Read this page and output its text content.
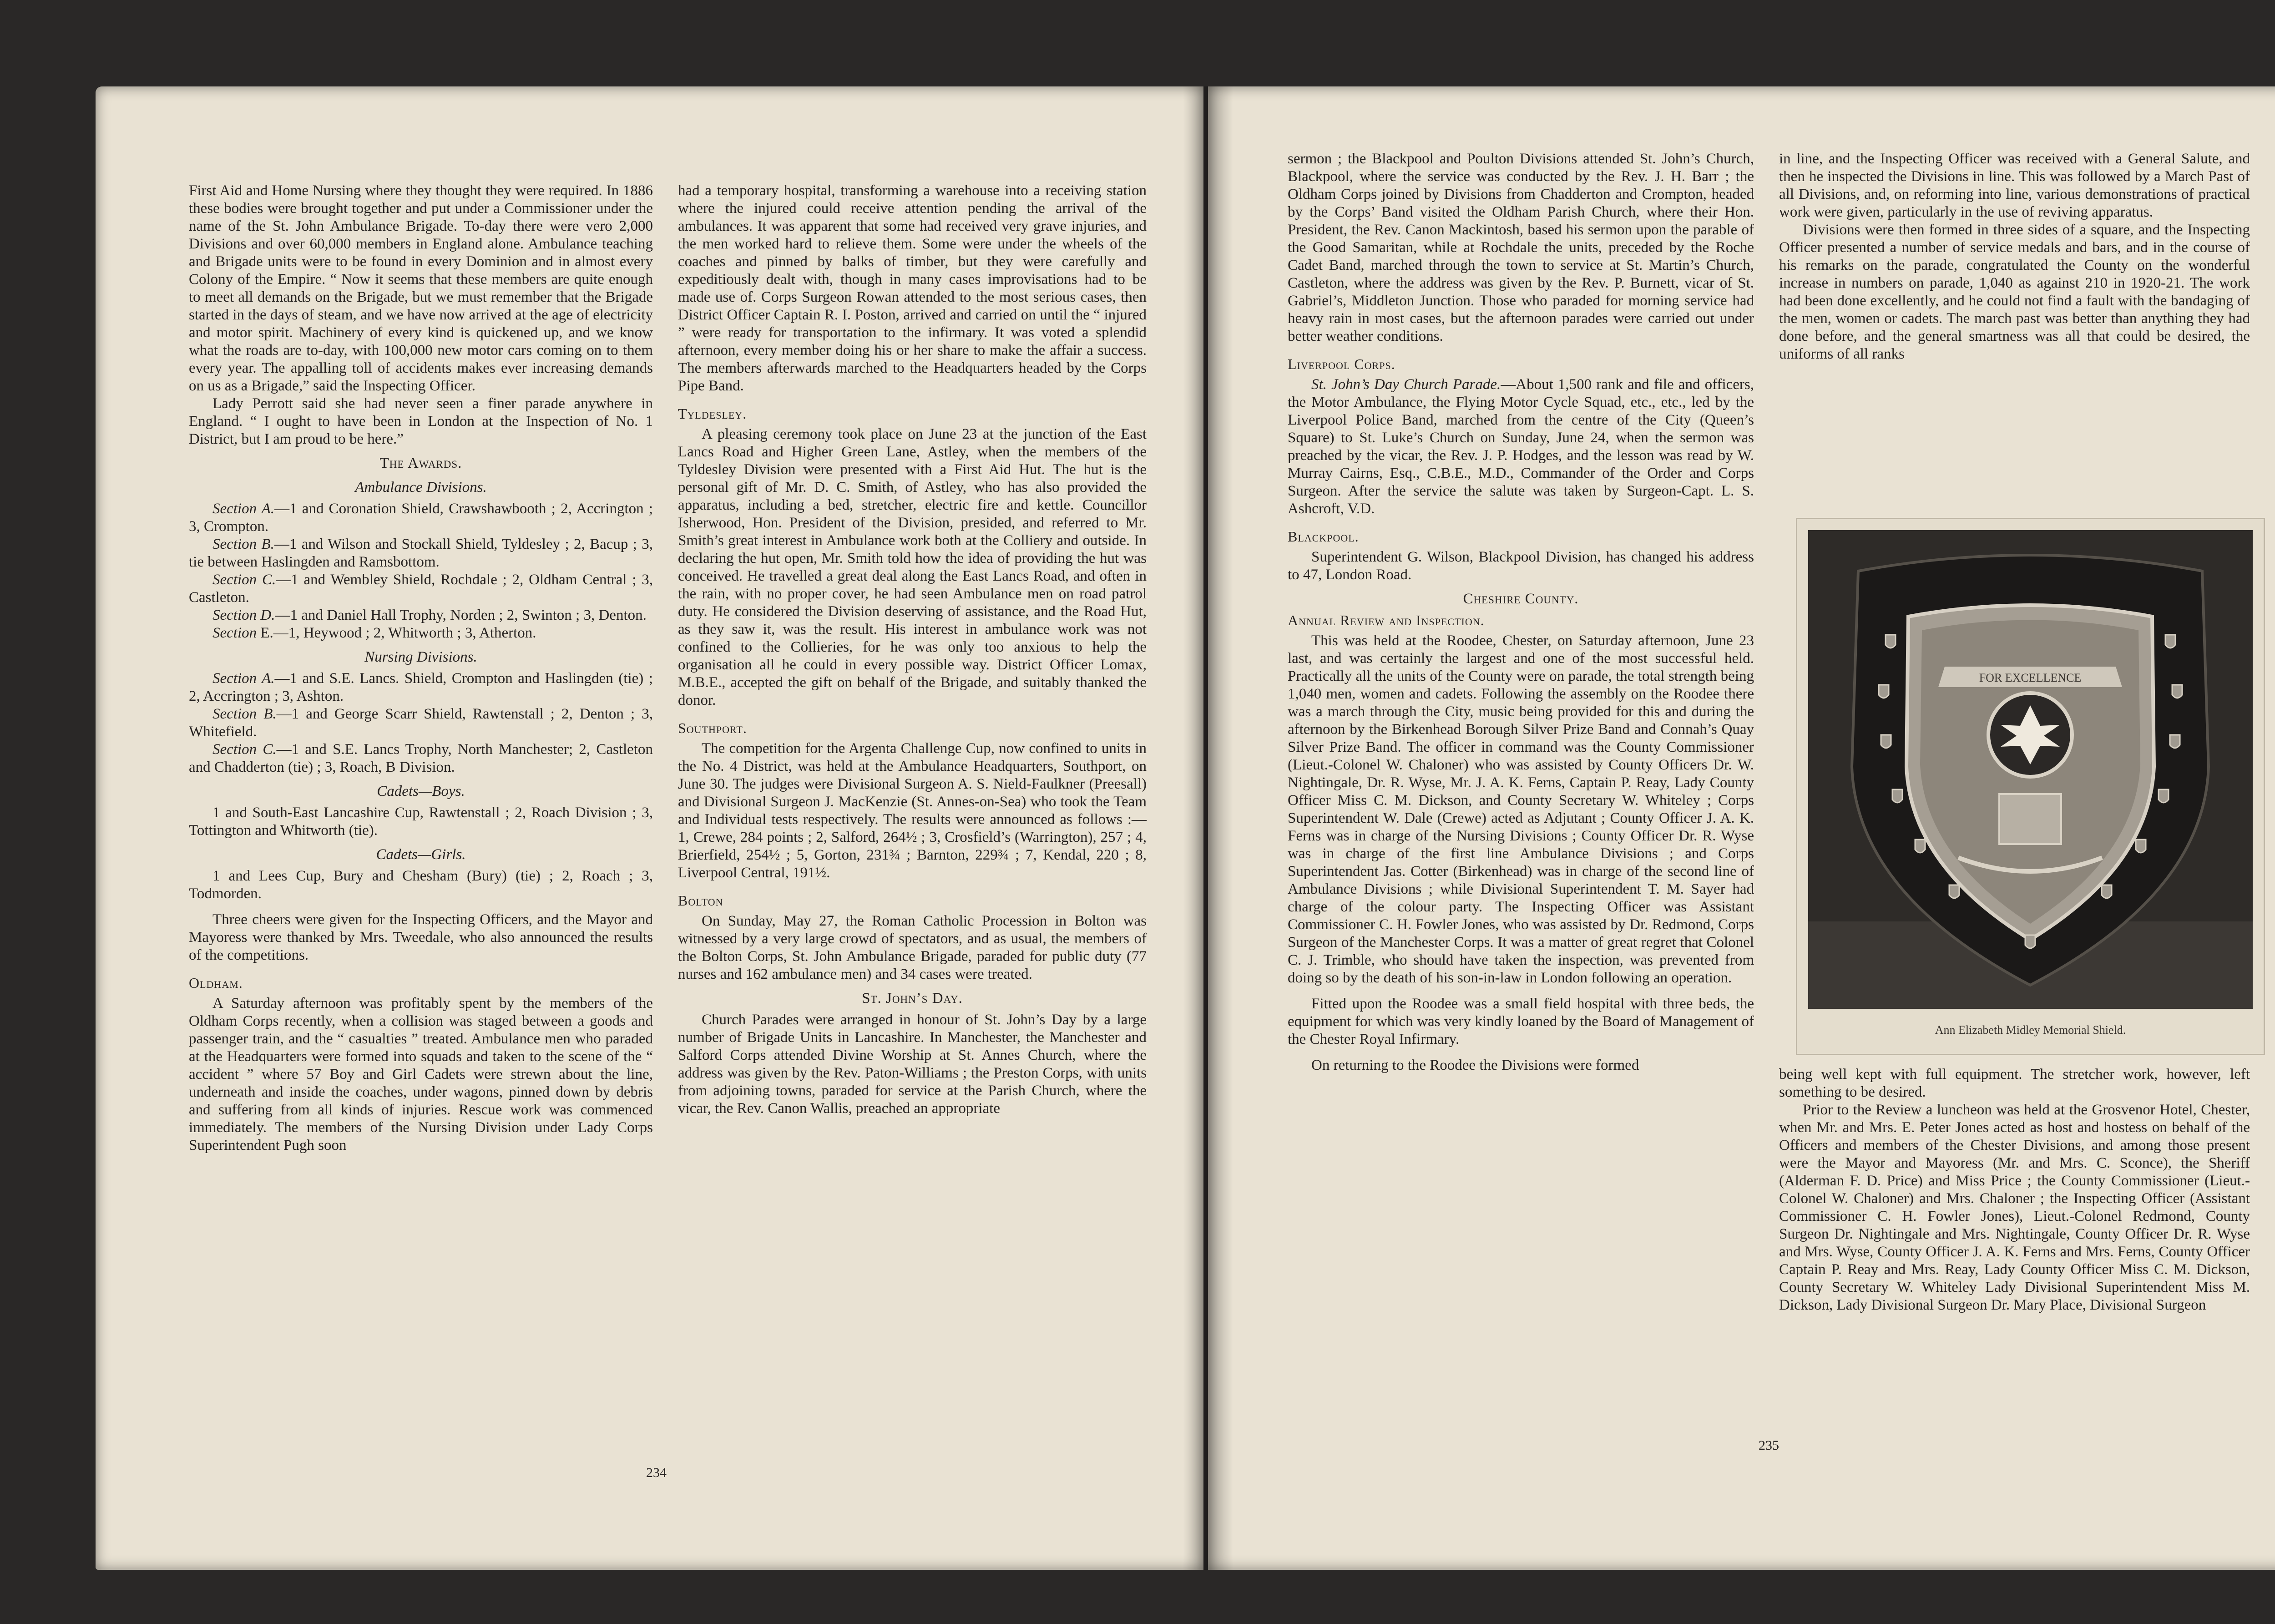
First Aid and Home Nursing where they thought they were required. In 1886 these bodies were brought together and put under a Commissioner under the name of the St. John Ambulance Brigade. To-day there were vero 2,000 Divisions and over 60,000 members in England alone. Ambulance teaching and Brigade units were to be found in every Dominion and in almost every Colony of the Empire. “ Now it seems that these members are quite enough to meet all demands on the Brigade, but we must remember that the Brigade started in the days of steam, and we have now arrived at the age of electricity and motor spirit. Machinery of every kind is quickened up, and we know what the roads are to-day, with 100,000 new motor cars coming on to them every year. The appalling toll of accidents makes ever increasing demands on us as a Brigade,” said the Inspecting Officer.

Lady Perrott said she had never seen a finer parade anywhere in England. “ I ought to have been in London at the Inspection of No. 1 District, but I am proud to be here.”

The Awards.

Ambulance Divisions.

Section A.—1 and Coronation Shield, Crawshawbooth ; 2, Accrington ; 3, Crompton.

Section B.—1 and Wilson and Stockall Shield, Tyldesley ; 2, Bacup ; 3, tie between Haslingden and Ramsbottom.

Section C.—1 and Wembley Shield, Rochdale ; 2, Oldham Central ; 3, Castleton.

Section D.—1 and Daniel Hall Trophy, Norden ; 2, Swinton ; 3, Denton.

Section E.—1, Heywood ; 2, Whitworth ; 3, Atherton.

Nursing Divisions.

Section A.—1 and S.E. Lancs. Shield, Crompton and Haslingden (tie) ; 2, Accrington ; 3, Ashton.

Section B.—1 and George Scarr Shield, Rawtenstall ; 2, Denton ; 3, Whitefield.

Section C.—1 and S.E. Lancs Trophy, North Manchester; 2, Castleton and Chadderton (tie) ; 3, Roach, B Division.

Cadets—Boys.

1 and South-East Lancashire Cup, Rawtenstall ; 2, Roach Division ; 3, Tottington and Whitworth (tie).

Cadets—Girls.

1 and Lees Cup, Bury and Chesham (Bury) (tie) ; 2, Roach ; 3, Todmorden.

Three cheers were given for the Inspecting Officers, and the Mayor and Mayoress were thanked by Mrs. Tweedale, who also announced the results of the competitions.

Oldham.

A Saturday afternoon was profitably spent by the members of the Oldham Corps recently, when a collision was staged between a goods and passenger train, and the “ casualties ” treated. Ambulance men who paraded at the Headquarters were formed into squads and taken to the scene of the “ accident ” where 57 Boy and Girl Cadets were strewn about the line, underneath and inside the coaches, under wagons, pinned down by debris and suffering from all kinds of injuries. Rescue work was commenced immediately. The members of the Nursing Division under Lady Corps Superintendent Pugh soon

had a temporary hospital, transforming a warehouse into a receiving station where the injured could receive attention pending the arrival of the ambulances. It was apparent that some had received very grave injuries, and the men worked hard to relieve them. Some were under the wheels of the coaches and pinned by balks of timber, but they were carefully and expeditiously dealt with, though in many cases improvisations had to be made use of. Corps Surgeon Rowan attended to the most serious cases, then District Officer Captain R. I. Poston, arrived and carried on until the “ injured ” were ready for transportation to the infirmary. It was voted a splendid afternoon, every member doing his or her share to make the affair a success. The members afterwards marched to the Headquarters headed by the Corps Pipe Band.

Tyldesley.

A pleasing ceremony took place on June 23 at the junction of the East Lancs Road and Higher Green Lane, Astley, when the members of the Tyldesley Division were presented with a First Aid Hut. The hut is the personal gift of Mr. D. C. Smith, of Astley, who has also provided the apparatus, including a bed, stretcher, electric fire and kettle. Councillor Isherwood, Hon. President of the Division, presided, and referred to Mr. Smith’s great interest in Ambulance work both at the Colliery and outside. In declaring the hut open, Mr. Smith told how the idea of providing the hut was conceived. He travelled a great deal along the East Lancs Road, and often in the rain, with no proper cover, he had seen Ambulance men on road patrol duty. He considered the Division deserving of assistance, and the Road Hut, as they saw it, was the result. His interest in ambulance work was not confined to the Collieries, for he was only too anxious to help the organisation all he could in every possible way. District Officer Lomax, M.B.E., accepted the gift on behalf of the Brigade, and suitably thanked the donor.

Southport.

The competition for the Argenta Challenge Cup, now confined to units in the No. 4 District, was held at the Ambulance Headquarters, Southport, on June 30. The judges were Divisional Surgeon A. S. Nield-Faulkner (Preesall) and Divisional Surgeon J. MacKenzie (St. Annes-on-Sea) who took the Team and Individual tests respectively. The results were announced as follows :— 1, Crewe, 284 points ; 2, Salford, 264½ ; 3, Crosfield’s (Warrington), 257 ; 4, Brierfield, 254½ ; 5, Gorton, 231¾ ; Barnton, 229¾ ; 7, Kendal, 220 ; 8, Liverpool Central, 191½.

Bolton

On Sunday, May 27, the Roman Catholic Procession in Bolton was witnessed by a very large crowd of spectators, and as usual, the members of the Bolton Corps, St. John Ambulance Brigade, paraded for public duty (77 nurses and 162 ambulance men) and 34 cases were treated.

St. John’s Day.

Church Parades were arranged in honour of St. John’s Day by a large number of Brigade Units in Lancashire. In Manchester, the Manchester and Salford Corps attended Divine Worship at St. Annes Church, where the address was given by the Rev. Paton-Williams ; the Preston Corps, with units from adjoining towns, paraded for service at the Parish Church, where the vicar, the Rev. Canon Wallis, preached an appropriate

234

sermon ; the Blackpool and Poulton Divisions attended St. John’s Church, Blackpool, where the service was conducted by the Rev. J. H. Barr ; the Oldham Corps joined by Divisions from Chadderton and Crompton, headed by the Corps’ Band visited the Oldham Parish Church, where their Hon. President, the Rev. Canon Mackintosh, based his sermon upon the parable of the Good Samaritan, while at Rochdale the units, preceded by the Roche Cadet Band, marched through the town to service at St. Martin’s Church, Castleton, where the address was given by the Rev. P. Burnett, vicar of St. Gabriel’s, Middleton Junction. Those who paraded for morning service had heavy rain in most cases, but the afternoon parades were carried out under better weather conditions.

Liverpool Corps.

St. John’s Day Church Parade.—About 1,500 rank and file and officers, the Motor Ambulance, the Flying Motor Cycle Squad, etc., etc., led by the Liverpool Police Band, marched from the centre of the City (Queen’s Square) to St. Luke’s Church on Sunday, June 24, when the sermon was preached by the vicar, the Rev. J. P. Hodges, and the lesson was read by W. Murray Cairns, Esq., C.B.E., M.D., Commander of the Order and Corps Surgeon. After the service the salute was taken by Surgeon-Capt. L. S. Ashcroft, V.D.

Blackpool.

Superintendent G. Wilson, Blackpool Division, has changed his address to 47, London Road.

Cheshire County.

Annual Review and Inspection.

This was held at the Roodee, Chester, on Saturday afternoon, June 23 last, and was certainly the largest and one of the most successful held. Practically all the units of the County were on parade, the total strength being 1,040 men, women and cadets. Following the assembly on the Roodee there was a march through the City, music being provided for this and during the afternoon by the Birkenhead Borough Silver Prize Band and Connah’s Quay Silver Prize Band. The officer in command was the County Commissioner (Lieut.-Colonel W. Chaloner) who was assisted by County Officers Dr. W. Nightingale, Dr. R. Wyse, Mr. J. A. K. Ferns, Captain P. Reay, Lady County Officer Miss C. M. Dickson, and County Secretary W. Whiteley ; Corps Superintendent W. Dale (Crewe) acted as Adjutant ; County Officer J. A. K. Ferns was in charge of the Nursing Divisions ; County Officer Dr. R. Wyse was in charge of the first line Ambulance Divisions ; and Corps Superintendent Jas. Cotter (Birkenhead) was in charge of the second line of Ambulance Divisions ; while Divisional Superintendent T. M. Sayer had charge of the colour party. The Inspecting Officer was Assistant Commissioner C. H. Fowler Jones, who was assisted by Dr. Redmond, Corps Surgeon of the Manchester Corps. It was a matter of great regret that Colonel C. J. Trimble, who should have taken the inspection, was prevented from doing so by the death of his son-in-law in London following an operation.

Fitted upon the Roodee was a small field hospital with three beds, the equipment for which was very kindly loaned by the Board of Management of the Chester Royal Infirmary.

On returning to the Roodee the Divisions were formed

in line, and the Inspecting Officer was received with a General Salute, and then he inspected the Divisions in line. This was followed by a March Past of all Divisions, and, on reforming into line, various demonstrations of practical work were given, particularly in the use of reviving apparatus.

Divisions were then formed in three sides of a square, and the Inspecting Officer presented a number of service medals and bars, and in the course of his remarks on the parade, congratulated the County on the wonderful increase in numbers on parade, 1,040 as against 210 in 1920-21. The work had been done excellently, and he could not find a fault with the bandaging of the men, women or cadets. The march past was better than anything they had done before, and the general smartness was all that could be desired, the uniforms of all ranks

FOR EXCELLENCE
Ann Elizabeth Midley Memorial Shield.

being well kept with full equipment. The stretcher work, however, left something to be desired.

Prior to the Review a luncheon was held at the Grosvenor Hotel, Chester, when Mr. and Mrs. E. Peter Jones acted as host and hostess on behalf of the Officers and members of the Chester Divisions, and among those present were the Mayor and Mayoress (Mr. and Mrs. C. Sconce), the Sheriff (Alderman F. D. Price) and Miss Price ; the County Commissioner (Lieut.-Colonel W. Chaloner) and Mrs. Chaloner ; the Inspecting Officer (Assistant Commissioner C. H. Fowler Jones), Lieut.-Colonel Redmond, County Surgeon Dr. Nightingale and Mrs. Nightingale, County Officer Dr. R. Wyse and Mrs. Wyse, County Officer J. A. K. Ferns and Mrs. Ferns, County Officer Captain P. Reay and Mrs. Reay, Lady County Officer Miss C. M. Dickson, County Secretary W. Whiteley Lady Divisional Superintendent Miss M. Dickson, Lady Divisional Surgeon Dr. Mary Place, Divisional Surgeon

235
